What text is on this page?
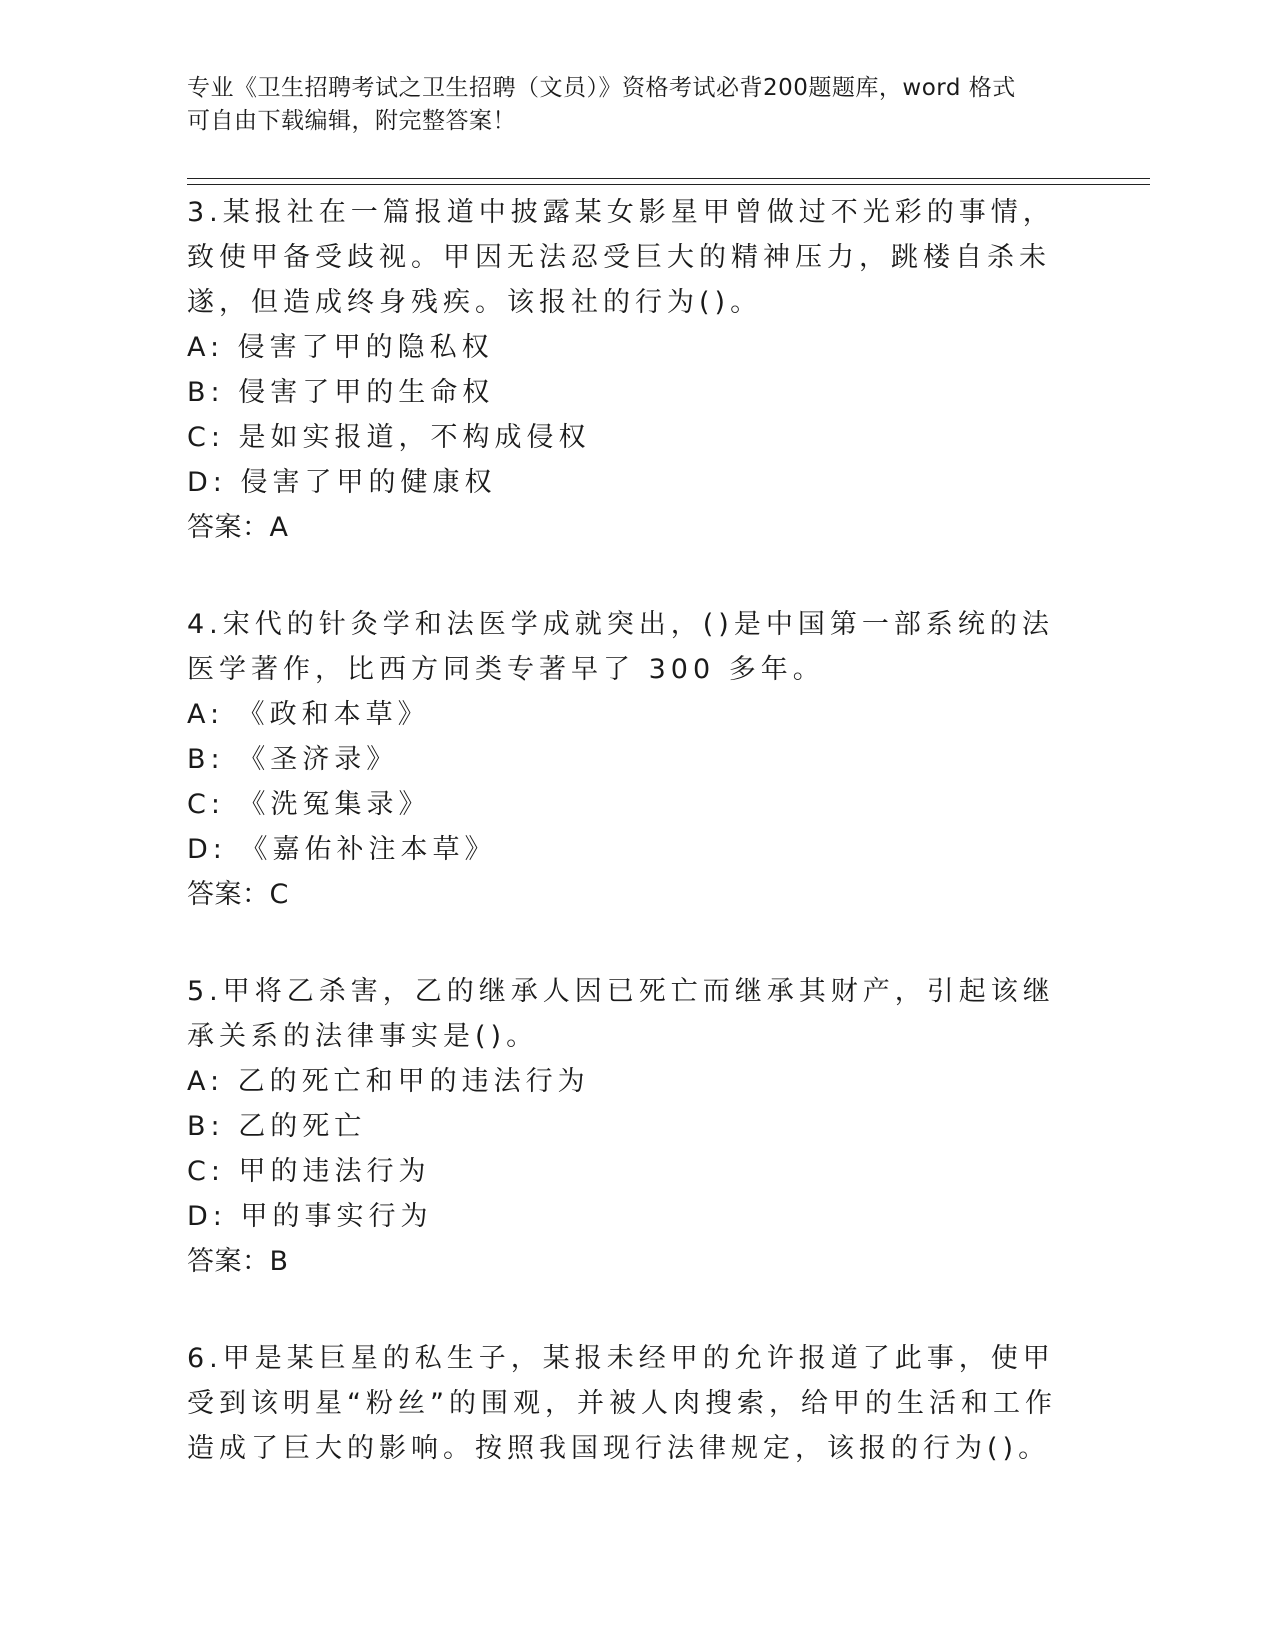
专业《卫生招聘考试之卫生招聘（文员）》资格考试必背200题题库，word 格式
可自由下载编辑，附完整答案！
3.某报社在一篇报道中披露某女影星甲曾做过不光彩的事情，致使甲备受歧视。甲因无法忍受巨大的精神压力，跳楼自杀未遂，但造成终身残疾。该报社的行为()。
A: 侵害了甲的隐私权
B: 侵害了甲的生命权
C: 是如实报道，不构成侵权
D: 侵害了甲的健康权
答案：A
4.宋代的针灸学和法医学成就突出，()是中国第一部系统的法医学著作，比西方同类专著早了 300 多年。
A: 《政和本草》
B: 《圣济录》
C: 《洗冤集录》
D: 《嘉佑补注本草》
答案：C
5.甲将乙杀害，乙的继承人因已死亡而继承其财产，引起该继承关系的法律事实是()。
A: 乙的死亡和甲的违法行为
B: 乙的死亡
C: 甲的违法行为
D: 甲的事实行为
答案：B
6.甲是某巨星的私生子，某报未经甲的允许报道了此事，使甲受到该明星“粉丝”的围观，并被人肉搜索，给甲的生活和工作造成了巨大的影响。按照我国现行法律规定，该报的行为()。
